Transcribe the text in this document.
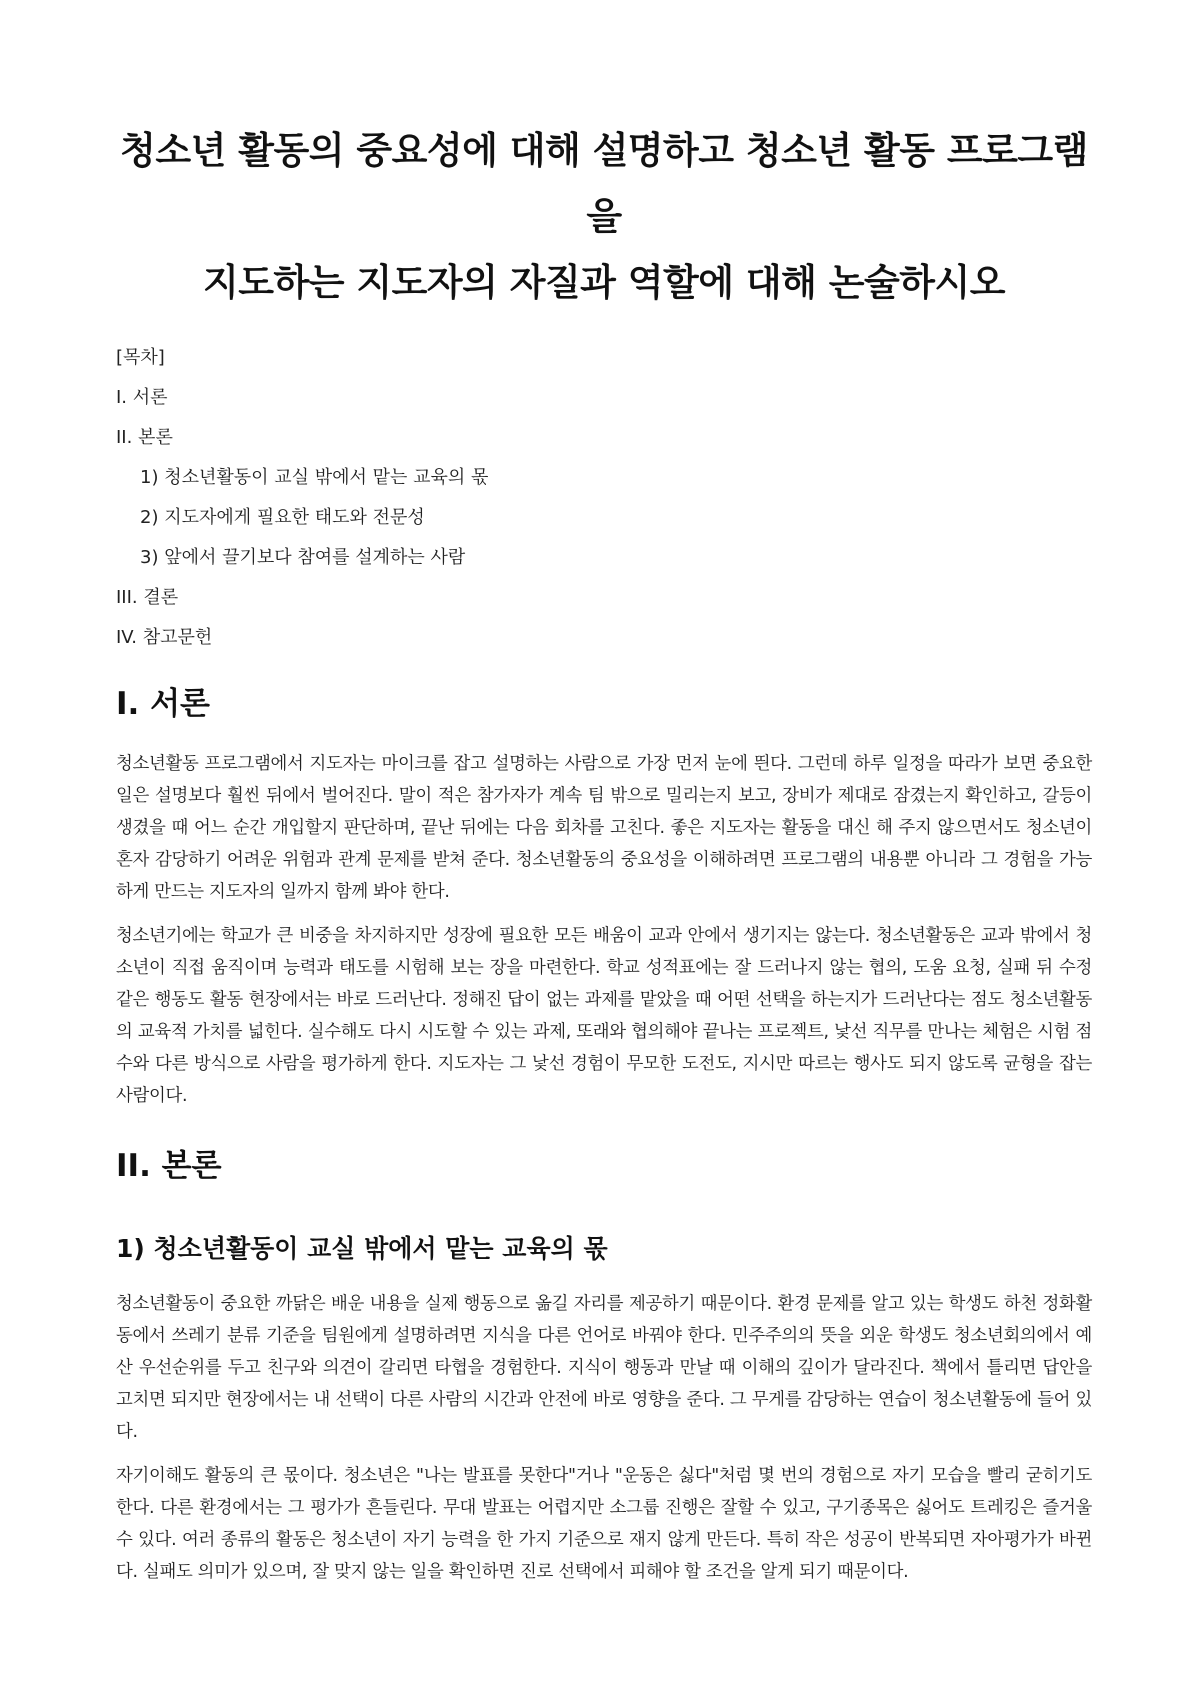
청소년 활동의 중요성에 대해 설명하고 청소년 활동 프로그램을
지도하는 지도자의 자질과 역할에 대해 논술하시오
[목차]
I. 서론
II. 본론
1) 청소년활동이 교실 밖에서 맡는 교육의 몫
2) 지도자에게 필요한 태도와 전문성
3) 앞에서 끌기보다 참여를 설계하는 사람
III. 결론
IV. 참고문헌
I. 서론

청소년활동 프로그램에서 지도자는 마이크를 잡고 설명하는 사람으로 가장 먼저 눈에 띈다. 그런데 하루 일정을 따라가 보면 중요한 일은 설명보다 훨씬 뒤에서 벌어진다. 말이 적은 참가자가 계속 팀 밖으로 밀리는지 보고, 장비가 제대로 잠겼는지 확인하고, 갈등이 생겼을 때 어느 순간 개입할지 판단하며, 끝난 뒤에는 다음 회차를 고친다. 좋은 지도자는 활동을 대신 해 주지 않으면서도 청소년이 혼자 감당하기 어려운 위험과 관계 문제를 받쳐 준다. 청소년활동의 중요성을 이해하려면 프로그램의 내용뿐 아니라 그 경험을 가능하게 만드는 지도자의 일까지 함께 봐야 한다.

청소년기에는 학교가 큰 비중을 차지하지만 성장에 필요한 모든 배움이 교과 안에서 생기지는 않는다. 청소년활동은 교과 밖에서 청소년이 직접 움직이며 능력과 태도를 시험해 보는 장을 마련한다. 학교 성적표에는 잘 드러나지 않는 협의, 도움 요청, 실패 뒤 수정 같은 행동도 활동 현장에서는 바로 드러난다. 정해진 답이 없는 과제를 맡았을 때 어떤 선택을 하는지가 드러난다는 점도 청소년활동의 교육적 가치를 넓힌다. 실수해도 다시 시도할 수 있는 과제, 또래와 협의해야 끝나는 프로젝트, 낯선 직무를 만나는 체험은 시험 점수와 다른 방식으로 사람을 평가하게 한다. 지도자는 그 낯선 경험이 무모한 도전도, 지시만 따르는 행사도 되지 않도록 균형을 잡는 사람이다.

II. 본론
1) 청소년활동이 교실 밖에서 맡는 교육의 몫

청소년활동이 중요한 까닭은 배운 내용을 실제 행동으로 옮길 자리를 제공하기 때문이다. 환경 문제를 알고 있는 학생도 하천 정화활동에서 쓰레기 분류 기준을 팀원에게 설명하려면 지식을 다른 언어로 바꿔야 한다. 민주주의의 뜻을 외운 학생도 청소년회의에서 예산 우선순위를 두고 친구와 의견이 갈리면 타협을 경험한다. 지식이 행동과 만날 때 이해의 깊이가 달라진다. 책에서 틀리면 답안을 고치면 되지만 현장에서는 내 선택이 다른 사람의 시간과 안전에 바로 영향을 준다. 그 무게를 감당하는 연습이 청소년활동에 들어 있다.

자기이해도 활동의 큰 몫이다. 청소년은 "나는 발표를 못한다"거나 "운동은 싫다"처럼 몇 번의 경험으로 자기 모습을 빨리 굳히기도 한다. 다른 환경에서는 그 평가가 흔들린다. 무대 발표는 어렵지만 소그룹 진행은 잘할 수 있고, 구기종목은 싫어도 트레킹은 즐거울 수 있다. 여러 종류의 활동은 청소년이 자기 능력을 한 가지 기준으로 재지 않게 만든다. 특히 작은 성공이 반복되면 자아평가가 바뀐다. 실패도 의미가 있으며, 잘 맞지 않는 일을 확인하면 진로 선택에서 피해야 할 조건을 알게 되기 때문이다.
